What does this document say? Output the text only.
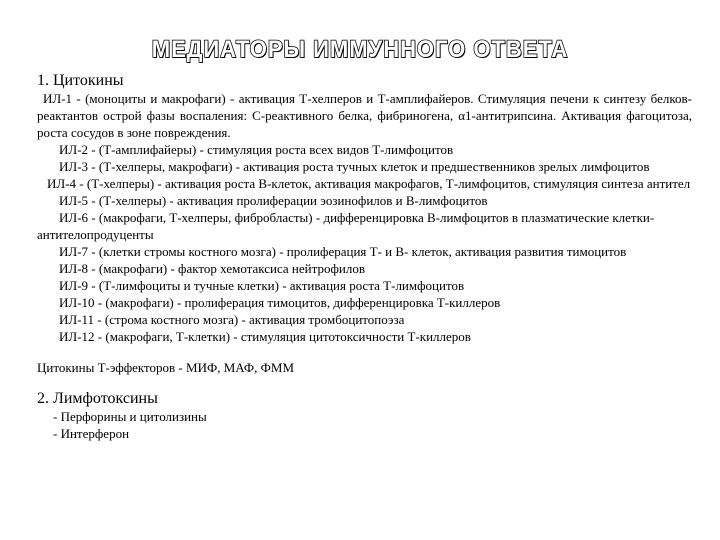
МЕДИАТОРЫ ИММУННОГО ОТВЕТА

1. Цитокины

ИЛ-1 - (моноциты и макрофаги) - активация Т-хелперов и Т-амплифайеров. Стимуляция печени к синтезу белков-реактантов острой фазы воспаления: С-реактивного белка, фибриногена, α1-антитрипсина. Активация фагоцитоза, роста сосудов в зоне повреждения.

ИЛ-2 - (Т-амплифайеры) - стимуляция роста всех видов Т-лимфоцитов

ИЛ-3 - (Т-хелперы, макрофаги) - активация роста тучных клеток и предшественников зрелых лимфоцитов

ИЛ-4 - (Т-хелперы) - активация роста В-клеток, активация макрофагов, Т-лимфоцитов, стимуляция синтеза антител

ИЛ-5 - (Т-хелперы) - активация пролиферации эозинофилов и В-лимфоцитов

ИЛ-6 - (макрофаги, Т-хелперы, фибробласты) - дифференцировка В-лимфоцитов в плазматические клетки-антителопродуценты

ИЛ-7 - (клетки стромы костного мозга) - пролиферация Т- и В- клеток, активация развития тимоцитов

ИЛ-8 - (макрофаги) - фактор хемотаксиса нейтрофилов

ИЛ-9 - (Т-лимфоциты и тучные клетки) - активация роста Т-лимфоцитов

ИЛ-10 - (макрофаги) - пролиферация тимоцитов, дифференцировка Т-киллеров

ИЛ-11 - (строма костного мозга) - активация тромбоцитопоэза

ИЛ-12 - (макрофаги, Т-клетки) - стимуляция цитотоксичности Т-киллеров

Цитокины Т-эффекторов - МИФ, МАФ, ФММ

2. Лимфотоксины

- Перфорины и цитолизины

- Интерферон
